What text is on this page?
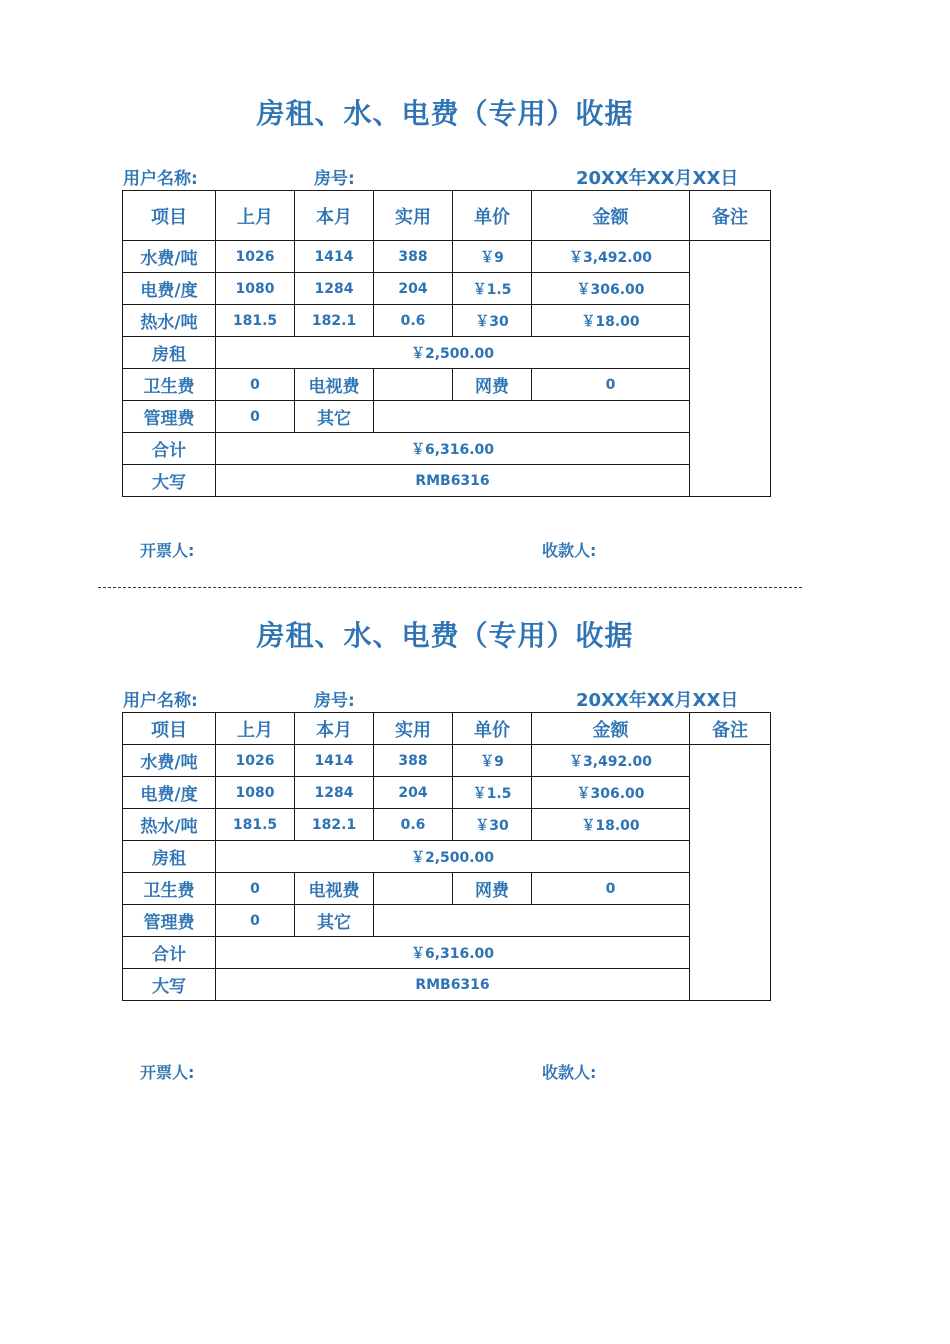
房租、水、电费（专用）收据
用户名称:	房号:	20XX年XX月XX日
项目	上月	本月	实用	单价	金额	备注
水费/吨	1026	1414	388	￥9	￥3,492.00	
电费/度	1080	1284	204	￥1.5	￥306.00	
热水/吨	181.5	182.1	0.6	￥30	￥18.00	
房租	￥2,500.00					
卫生费	0	电视费		网费	0	
管理费	0	其它				
合计	￥6,316.00					
大写	RMB6316					
开票人:	收款人:
房租、水、电费（专用）收据
用户名称:	房号:	20XX年XX月XX日
项目	上月	本月	实用	单价	金额	备注
水费/吨	1026	1414	388	￥9	￥3,492.00	
电费/度	1080	1284	204	￥1.5	￥306.00	
热水/吨	181.5	182.1	0.6	￥30	￥18.00	
房租	￥2,500.00					
卫生费	0	电视费		网费	0	
管理费	0	其它				
合计	￥6,316.00					
大写	RMB6316					
开票人:	收款人:
